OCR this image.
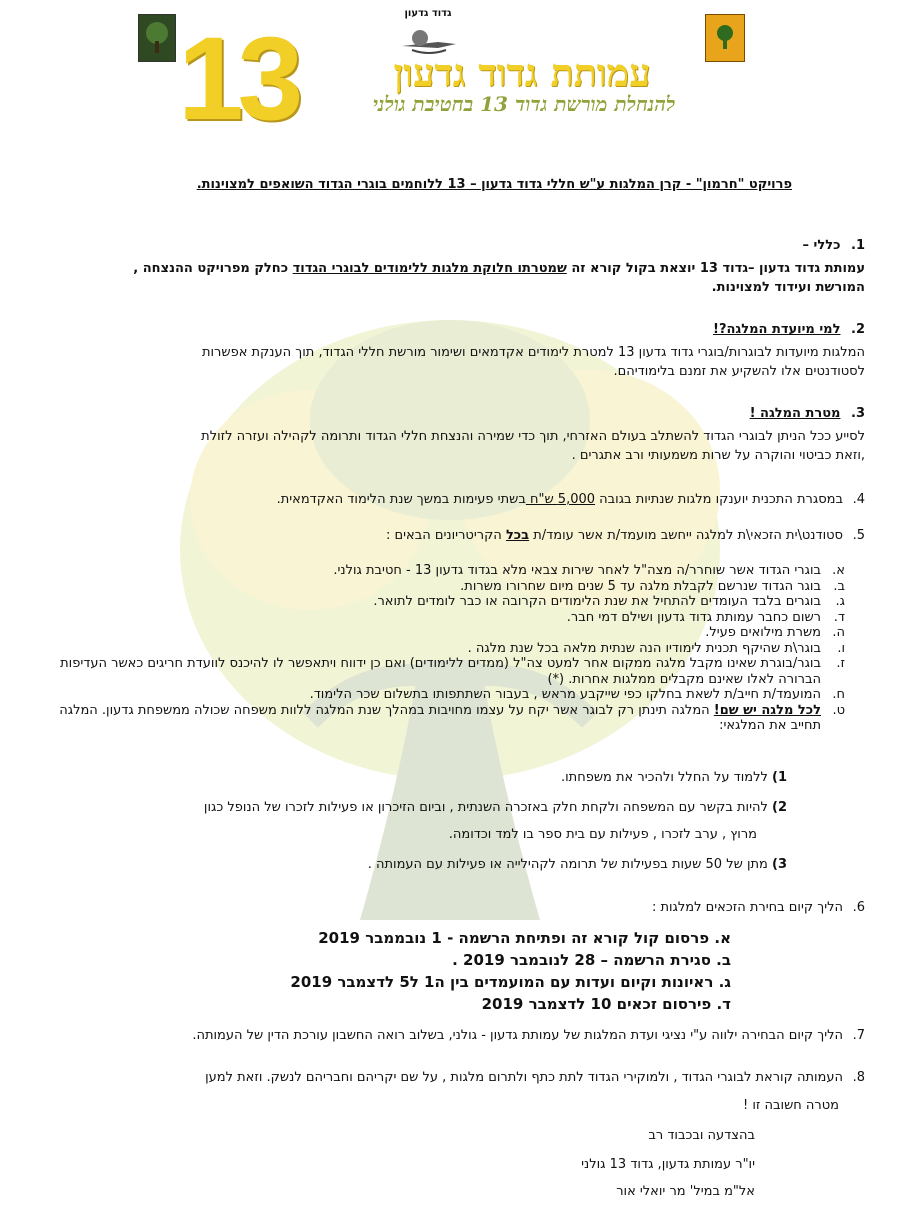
גדוד גדעון
13	עמותת גדוד גדעון
להנחלת מורשת גדוד 13 בחטיבת גולני
פרויקט "חרמון" - קרן המלגות ע"ש חללי גדוד גדעון – 13 ללוחמים בוגרי הגדוד השואפים למצוינות.
1. כללי –
עמותת גדוד גדעון –גדוד 13 יוצאת בקול קורא זה שמטרתו חלוקת מלגות ללימודים לבוגרי הגדוד כחלק מפרויקט ההנצחה ,
המורשת ועידוד למצוינות.
2. למי מיועדת המלגה?!
המלגות מיועדות לבוגרות/בוגרי גדוד גדעון 13 למטרת לימודים אקדמאים ושימור מורשת חללי הגדוד, תוך הענקת אפשרות
לסטודנטים אלו להשקיע את זמנם בלימודיהם.
3. מטרת המלגה !
לסייע ככל הניתן לבוגרי הגדוד להשתלב בעולם האזרחי, תוך כדי שמירה והנצחת חללי הגדוד ותרומה לקהילה ועזרה לזולת
,וזאת כביטוי והוקרה על שרות משמעותי ורב אתגרים .
4.במסגרת התכנית יוענקו מלגות שנתיות בגובה 5,000 ש"ח בשתי פעימות במשך שנת הלימוד האקדמאית.
5.סטודנט\ית הזכאי\ת למלגה ייחשב מועמד/ת אשר עומד/ת בכל הקריטריונים הבאים :
א.
בוגרי הגדוד אשר שוחרר/ה מצה"ל לאחר שירות צבאי מלא בגדוד גדעון 13 - חטיבת גולני.
ב.
בוגר הגדוד שנרשם לקבלת מלגה עד 5 שנים מיום שחרורו משרות.
ג.
בוגרים בלבד העומדים להתחיל את שנת הלימודים הקרובה או כבר לומדים לתואר.
ד.
רשום כחבר עמותת גדוד גדעון ושילם דמי חבר.
ה.
משרת מילואים פעיל.
ו.
בוגר\ת שהיקף תכנית לימודיו הנה שנתית מלאה בכל שנת מלגה .
ז.
בוגר/בוגרת שאינו מקבל מלגה ממקום אחר למעט צה"ל (ממדים ללימודים) ואם כן ידווח ויתאפשר לו להיכנס לוועדת חריגים כאשר העדיפות הברורה לאלו שאינם מקבלים ממלגות אחרות. (*)
ח.
המועמד/ת חייב/ת לשאת בחלקו כפי שייקבע מראש , בעבור השתתפותו בתשלום שכר הלימוד.
ט.
לכל מלגה יש שם! המלגה תינתן רק לבוגר אשר יקח על עצמו מחויבות במהלך שנת המלגה ללוות משפחה שכולה ממשפחת גדעון. המלגה תחייב את המלגאי:
1) ללמוד על החלל ולהכיר את משפחתו.
2) להיות בקשר עם המשפחה ולקחת חלק באזכרה השנתית , וביום הזיכרון או פעילות לזכרו של הנופל כגון
מרוץ , ערב לזכרו , פעילות עם בית ספר בו למד וכדומה.
3) מתן של 50 שעות בפעילות של תרומה לקהילייה או פעילות עם העמותה .
6.הליך קיום בחירת הזכאים למלגות :
א. פרסום קול קורא זה ופתיחת הרשמה - 1 נובממבר 2019
ב. סגירת הרשמה – 28 לנובמבר 2019 .
ג. ראיונות וקיום ועדות עם המועמדים בין ה1 ל5 לדצמבר 2019
ד. פירסום זכאים 10 לדצמבר 2019
7.הליך קיום הבחירה ילווה ע"י נציגי ועדת המלגות של עמותת גדעון - גולני, בשלוב רואה החשבון עורכת הדין של העמותה.
8.העמותה קוראת לבוגרי הגדוד , ולמוקירי הגדוד לתת כתף ולתרום מלגות , על שם יקריהם וחבריהם לנשק. וזאת למען
מטרה חשובה זו !
בהצדעה ובכבוד רב
יו"ר עמותת גדעון, גדוד 13 גולני
אל"מ במיל' מר יואלי אור
